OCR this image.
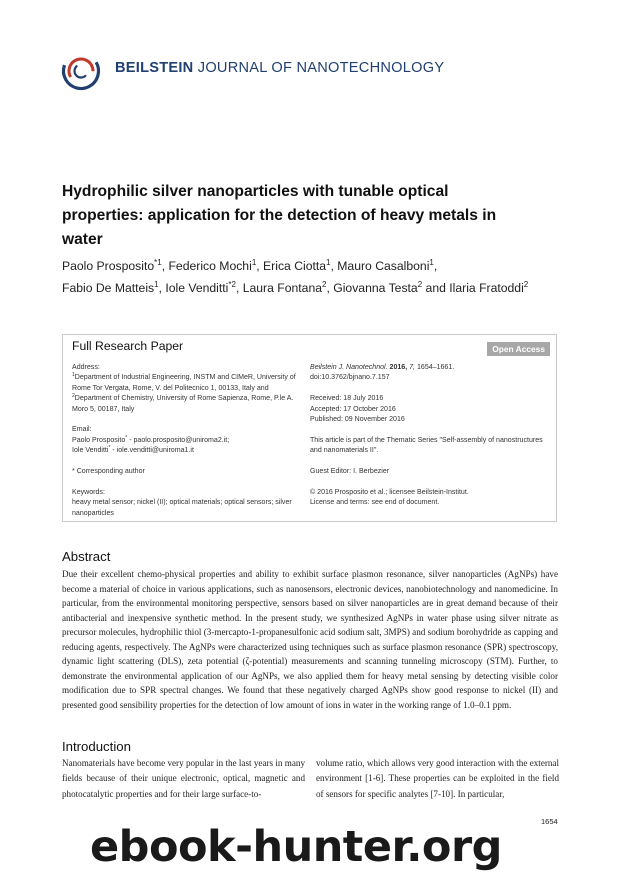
BEILSTEIN JOURNAL OF NANOTECHNOLOGY
Hydrophilic silver nanoparticles with tunable optical properties: application for the detection of heavy metals in water
Paolo Prosposito$^{*1}$, Federico Mochi$^1$, Erica Ciotta$^1$, Mauro Casalboni$^1$,
Fabio De Matteis$^1$, Iole Venditti$^{*2}$, Laura Fontana$^2$, Giovanna Testa$^2$ and Ilaria Fratoddi$^2$
Full Research Paper	Open Access

Address:

$^1$Department of Industrial Engineering, INSTM and CIMeR, University of Rome Tor Vergata, Rome, V. del Politecnico 1, 00133, Italy and

$^2$Department of Chemistry, University of Rome Sapienza, Rome, P.le A. Moro 5, 00187, Italy

Email:

Paolo Prosposito* - paolo.prosposito@uniroma2.it;

Iole Venditti* - iole.venditti@uniroma1.it

* Corresponding author

Keywords:

heavy metal sensor; nickel (II); optical materials; optical sensors; silver nanoparticles

Beilstein J. Nanotechnol. 2016, 7, 1654–1661.

doi:10.3762/bjnano.7.157

Received: 18 July 2016

Accepted: 17 October 2016

Published: 09 November 2016

This article is part of the Thematic Series "Self-assembly of nanostructures and nanomaterials II".

Guest Editor: I. Berbezier

© 2016 Prosposito et al.; licensee Beilstein-Institut.

License and terms: see end of document.

Abstract
Due their excellent chemo-physical properties and ability to exhibit surface plasmon resonance, silver nanoparticles (AgNPs) have become a material of choice in various applications, such as nanosensors, electronic devices, nanobiotechnology and nanomedicine. In particular, from the environmental monitoring perspective, sensors based on silver nanoparticles are in great demand because of their antibacterial and inexpensive synthetic method. In the present study, we synthesized AgNPs in water phase using silver nitrate as precursor molecules, hydrophilic thiol (3-mercapto-1-propanesulfonic acid sodium salt, 3MPS) and sodium borohydride as capping and reducing agents, respectively. The AgNPs were characterized using techniques such as surface plasmon resonance (SPR) spectroscopy, dynamic light scattering (DLS), zeta potential (ζ-potential) measurements and scanning tunneling microscopy (STM). Further, to demonstrate the environmental application of our AgNPs, we also applied them for heavy metal sensing by detecting visible color modification due to SPR spectral changes. We found that these negatively charged AgNPs show good response to nickel (II) and presented good sensibility properties for the detection of low amount of ions in water in the working range of 1.0–0.1 ppm.
Introduction
Nanomaterials have become very popular in the last years in many fields because of their unique electronic, optical, magnetic and photocatalytic properties and for their large surface-to-
volume ratio, which allows very good interaction with the external environment [1-6]. These properties can be exploited in the field of sensors for specific analytes [7-10]. In particular,
1654
ebook-hunter.org
